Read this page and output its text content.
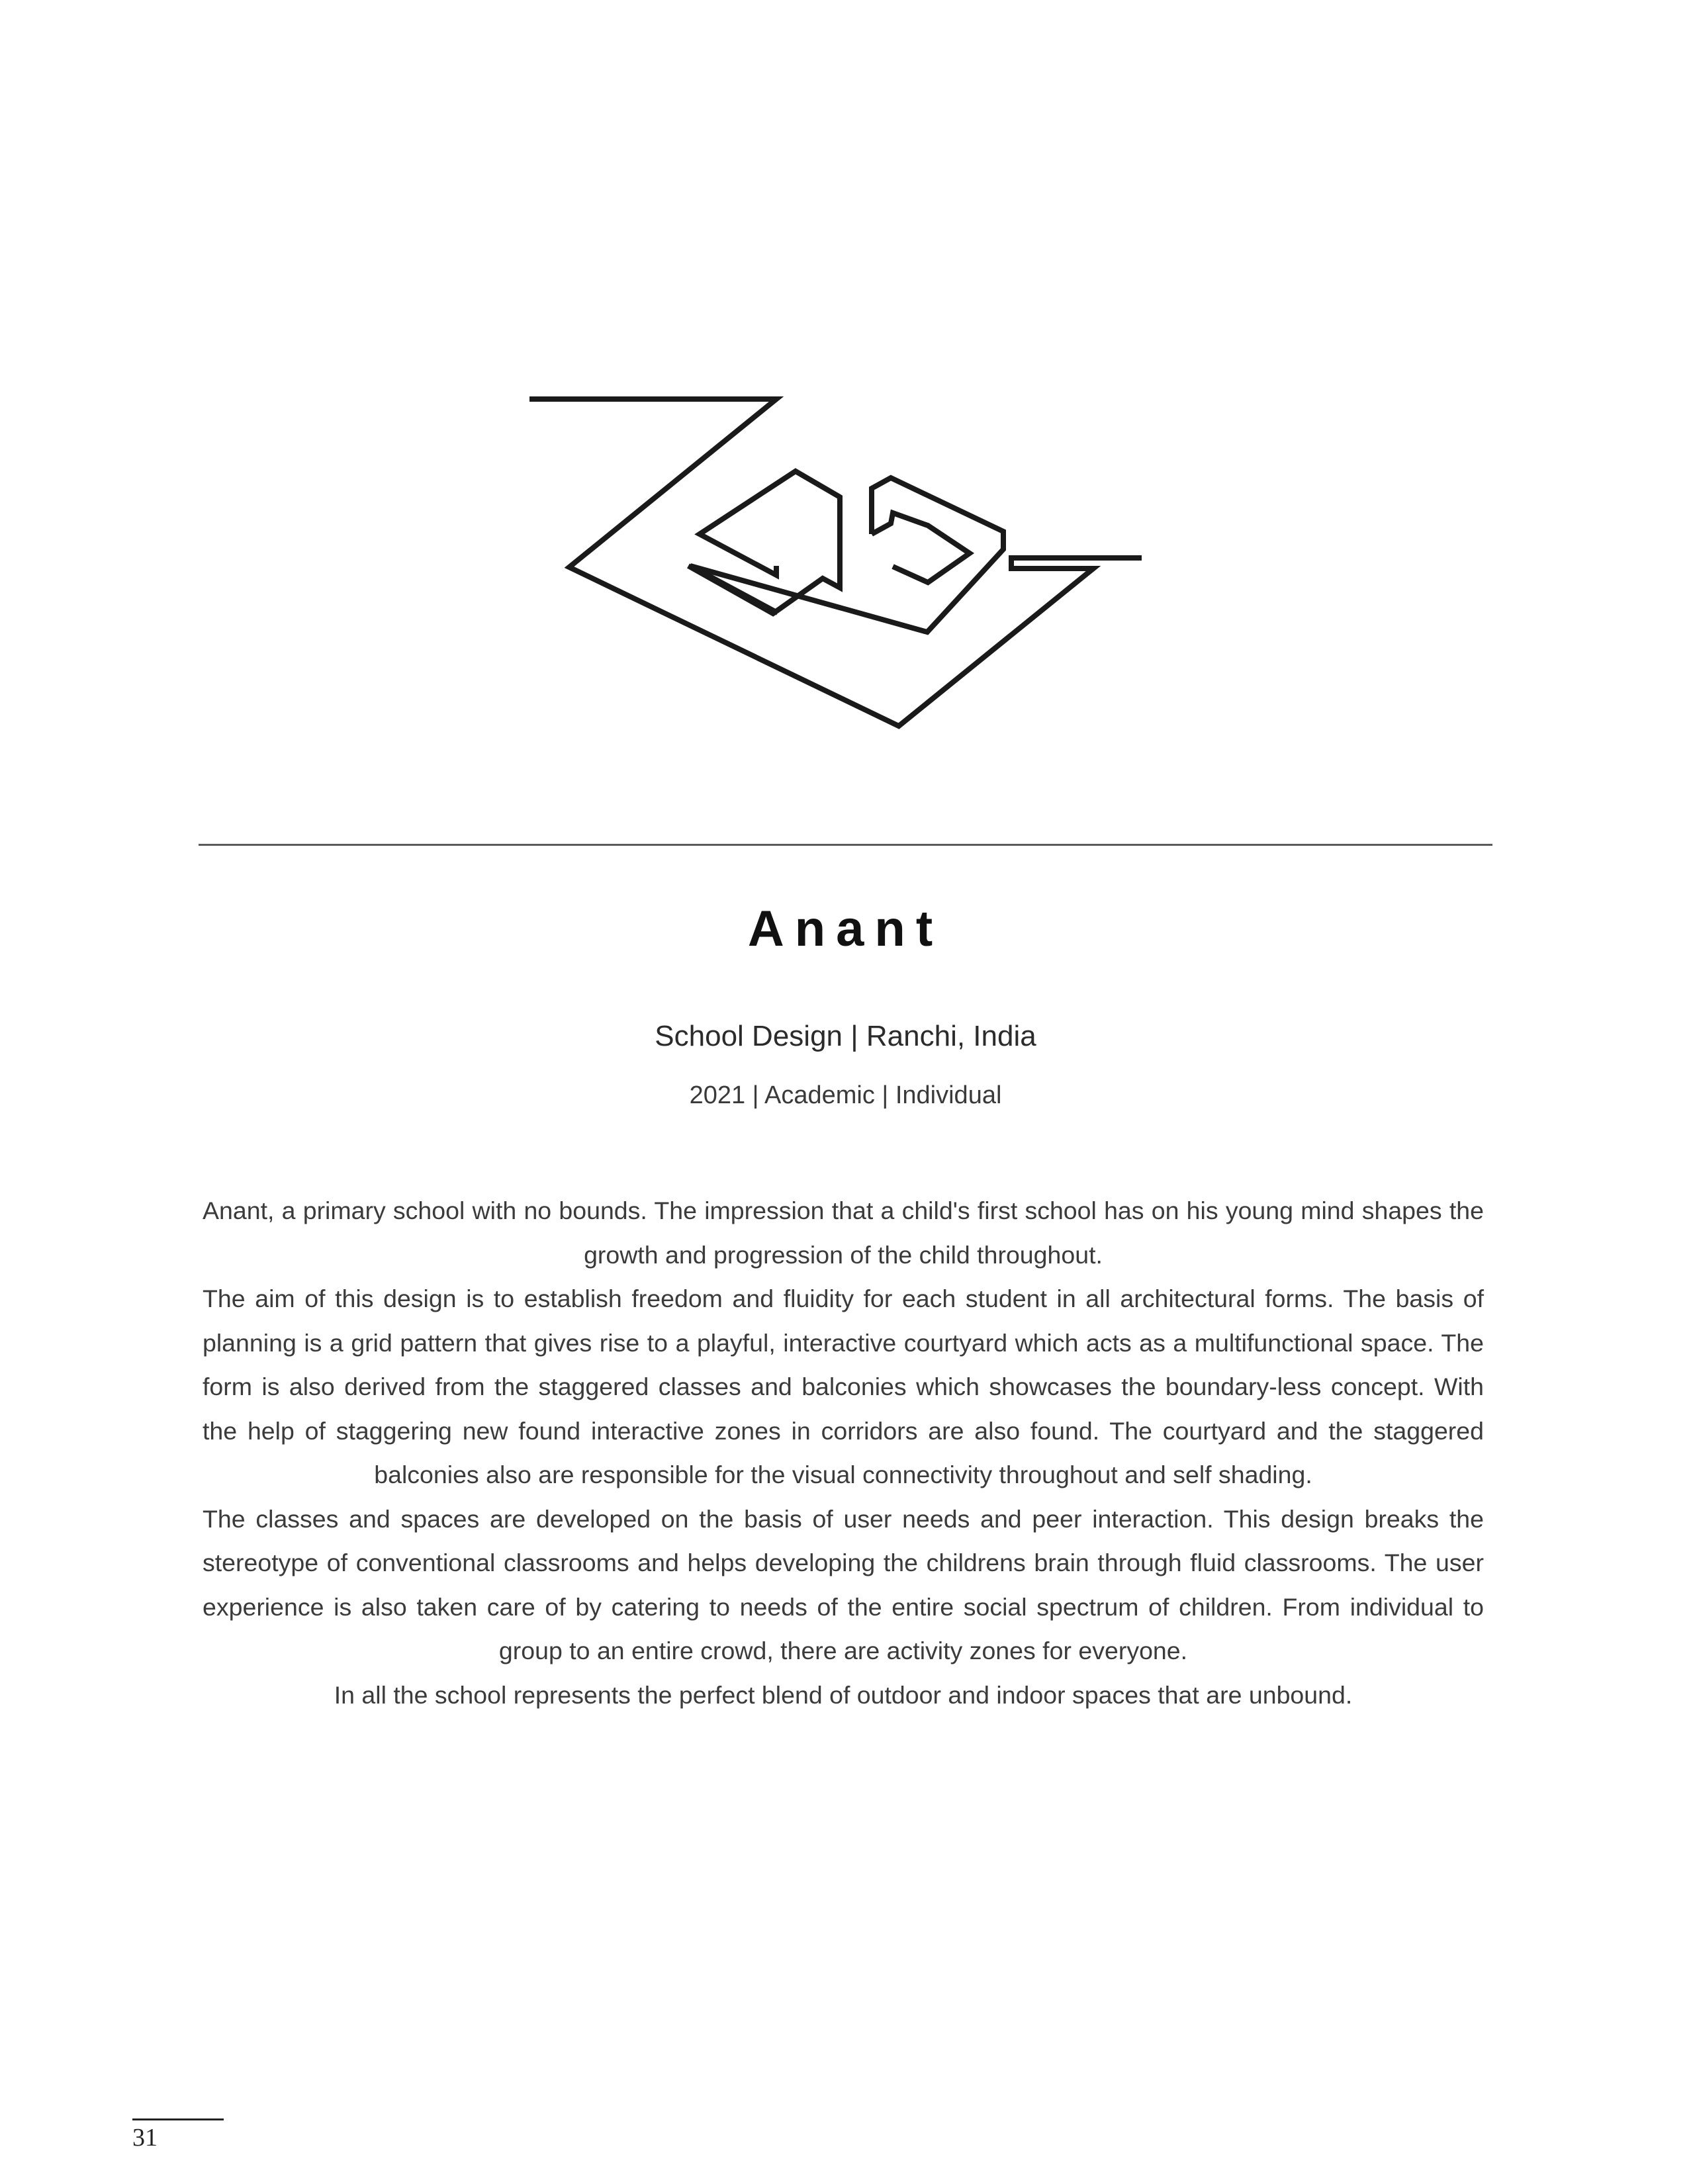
Anant
School Design | Ranchi, India
2021 | Academic | Individual

Anant, a primary school with no bounds. The impression that a child's first school has on his young mind shapes the growth and progression of the child throughout.

The aim of this design is to establish freedom and fluidity for each student in all architectural forms. The basis of planning is a grid pattern that gives rise to a playful, interactive courtyard which acts as a multifunctional space. The form is also derived from the staggered classes and balconies which showcases the boundary-less concept. With the help of staggering new found interactive zones in corridors are also found. The courtyard and the staggered balconies also are responsible for the visual connectivity throughout and self shading.

The classes and spaces are developed on the basis of user needs and peer interaction. This design breaks the stereotype of conventional classrooms and helps developing the childrens brain through fluid classrooms. The user experience is also taken care of by catering to needs of the entire social spectrum of children. From individual to group to an entire crowd, there are activity zones for everyone.

In all the school represents the perfect blend of outdoor and indoor spaces that are unbound.

31
